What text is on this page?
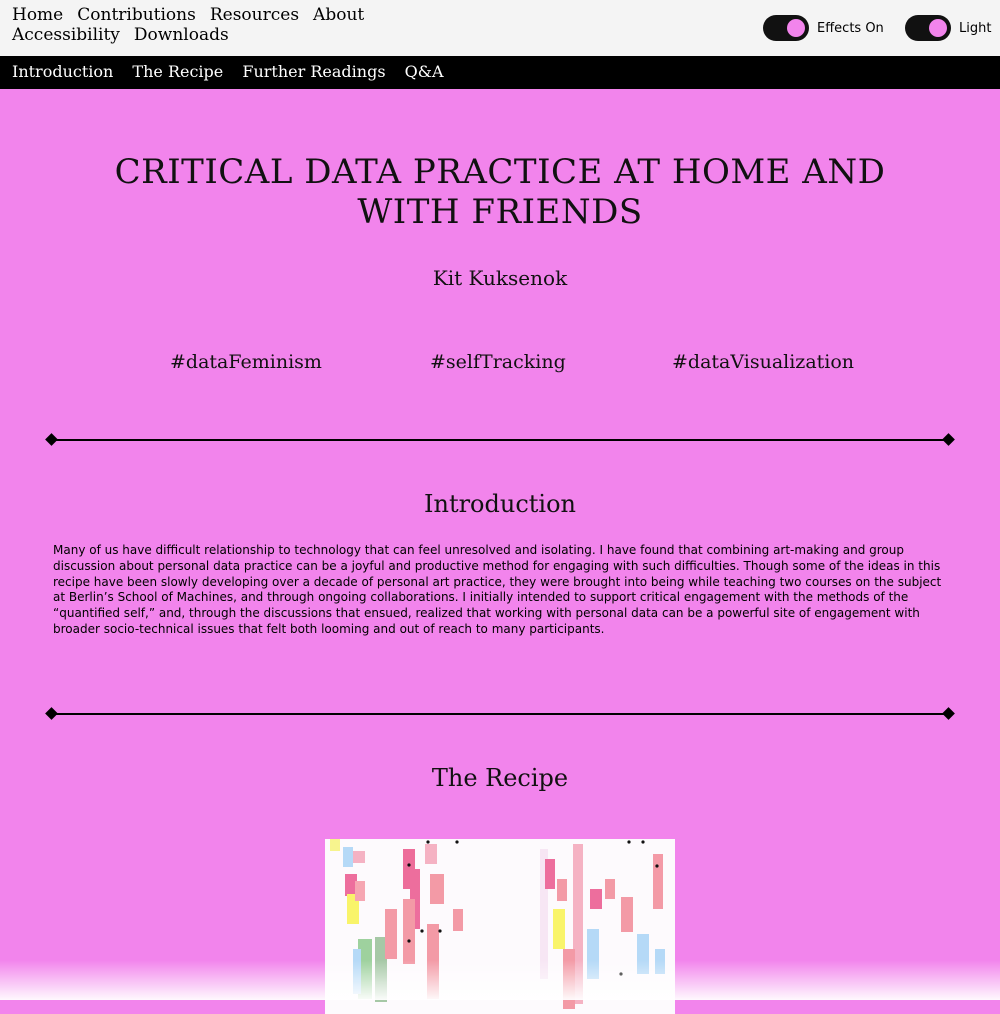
Home Contributions Resources AboutAccessibility Downloads	Effects On	Light
Introduction The Recipe Further Readings Q&A
CRITICAL DATA PRACTICE AT HOME AND WITH FRIENDS
Kit Kuksenok
#dataFeminism	#selfTracking	#dataVisualization
Introduction

Many of us have difficult relationship to technology that can feel unresolved and isolating. I have found that combining art-making and group discussion about personal data practice can be a joyful and productive method for engaging with such difficulties. Though some of the ideas in this recipe have been slowly developing over a decade of personal art practice, they were brought into being while teaching two courses on the subject at Berlin’s School of Machines, and through ongoing collaborations. I initially intended to support critical engagement with the methods of the “quantified self,” and, through the discussions that ensued, realized that working with personal data can be a powerful site of engagement with broader socio-technical issues that felt both looming and out of reach to many participants.

The Recipe
